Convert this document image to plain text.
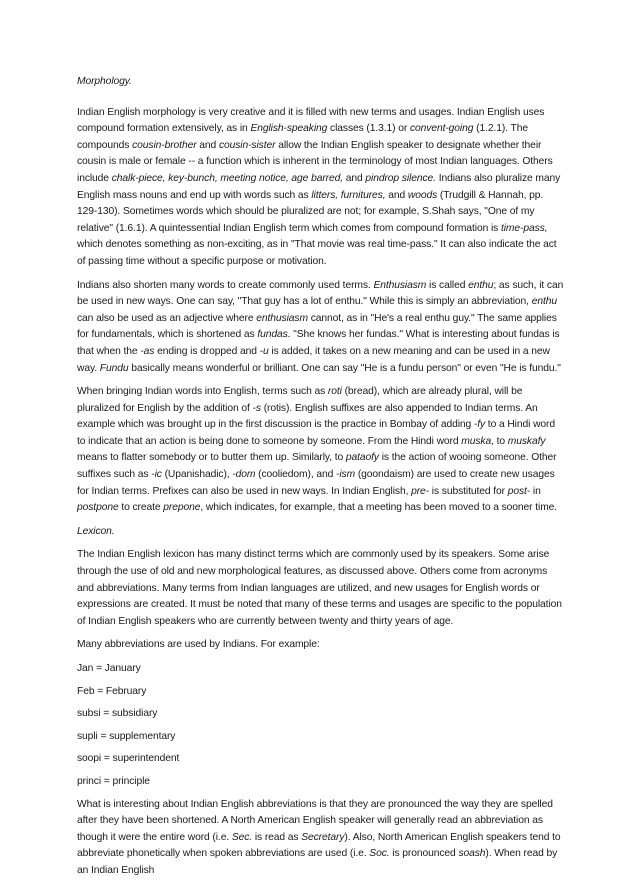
Morphology.

Indian English morphology is very creative and it is filled with new terms and usages. Indian English uses compound formation extensively, as in English-speaking classes (1.3.1) or convent-going (1.2.1). The compounds cousin-brother and cousin-sister allow the Indian English speaker to designate whether their cousin is male or female -- a function which is inherent in the terminology of most Indian languages. Others include chalk-piece, key-bunch, meeting notice, age barred, and pindrop silence. Indians also pluralize many English mass nouns and end up with words such as litters, furnitures, and woods (Trudgill & Hannah, pp. 129-130). Sometimes words which should be pluralized are not; for example, S.Shah says, "One of my relative" (1.6.1). A quintessential Indian English term which comes from compound formation is time-pass, which denotes something as non-exciting, as in "That movie was real time-pass." It can also indicate the act of passing time without a specific purpose or motivation.

Indians also shorten many words to create commonly used terms. Enthusiasm is called enthu; as such, it can be used in new ways. One can say, "That guy has a lot of enthu." While this is simply an abbreviation, enthu can also be used as an adjective where enthusiasm cannot, as in "He's a real enthu guy." The same applies for fundamentals, which is shortened as fundas. "She knows her fundas." What is interesting about fundas is that when the -as ending is dropped and -u is added, it takes on a new meaning and can be used in a new way. Fundu basically means wonderful or brilliant. One can say "He is a fundu person" or even "He is fundu."

When bringing Indian words into English, terms such as roti (bread), which are already plural, will be pluralized for English by the addition of -s (rotis). English suffixes are also appended to Indian terms. An example which was brought up in the first discussion is the practice in Bombay of adding -fy to a Hindi word to indicate that an action is being done to someone by someone. From the Hindi word muska, to muskafy means to flatter somebody or to butter them up. Similarly, to pataofy is the action of wooing someone. Other suffixes such as -ic (Upanishadic), -dom (cooliedom), and -ism (goondaism) are used to create new usages for Indian terms. Prefixes can also be used in new ways. In Indian English, pre- is substituted for post- in postpone to create prepone, which indicates, for example, that a meeting has been moved to a sooner time.

Lexicon.

The Indian English lexicon has many distinct terms which are commonly used by its speakers. Some arise through the use of old and new morphological features, as discussed above. Others come from acronyms and abbreviations. Many terms from Indian languages are utilized, and new usages for English words or expressions are created. It must be noted that many of these terms and usages are specific to the population of Indian English speakers who are currently between twenty and thirty years of age.

Many abbreviations are used by Indians. For example:

Jan = January

Feb = February

subsi = subsidiary

supli = supplementary

soopi = superintendent

princi = principle

What is interesting about Indian English abbreviations is that they are pronounced the way they are spelled after they have been shortened. A North American English speaker will generally read an abbreviation as though it were the entire word (i.e. Sec. is read as Secretary). Also, North American English speakers tend to abbreviate phonetically when spoken abbreviations are used (i.e. Soc. is pronounced soash). When read by an Indian English
